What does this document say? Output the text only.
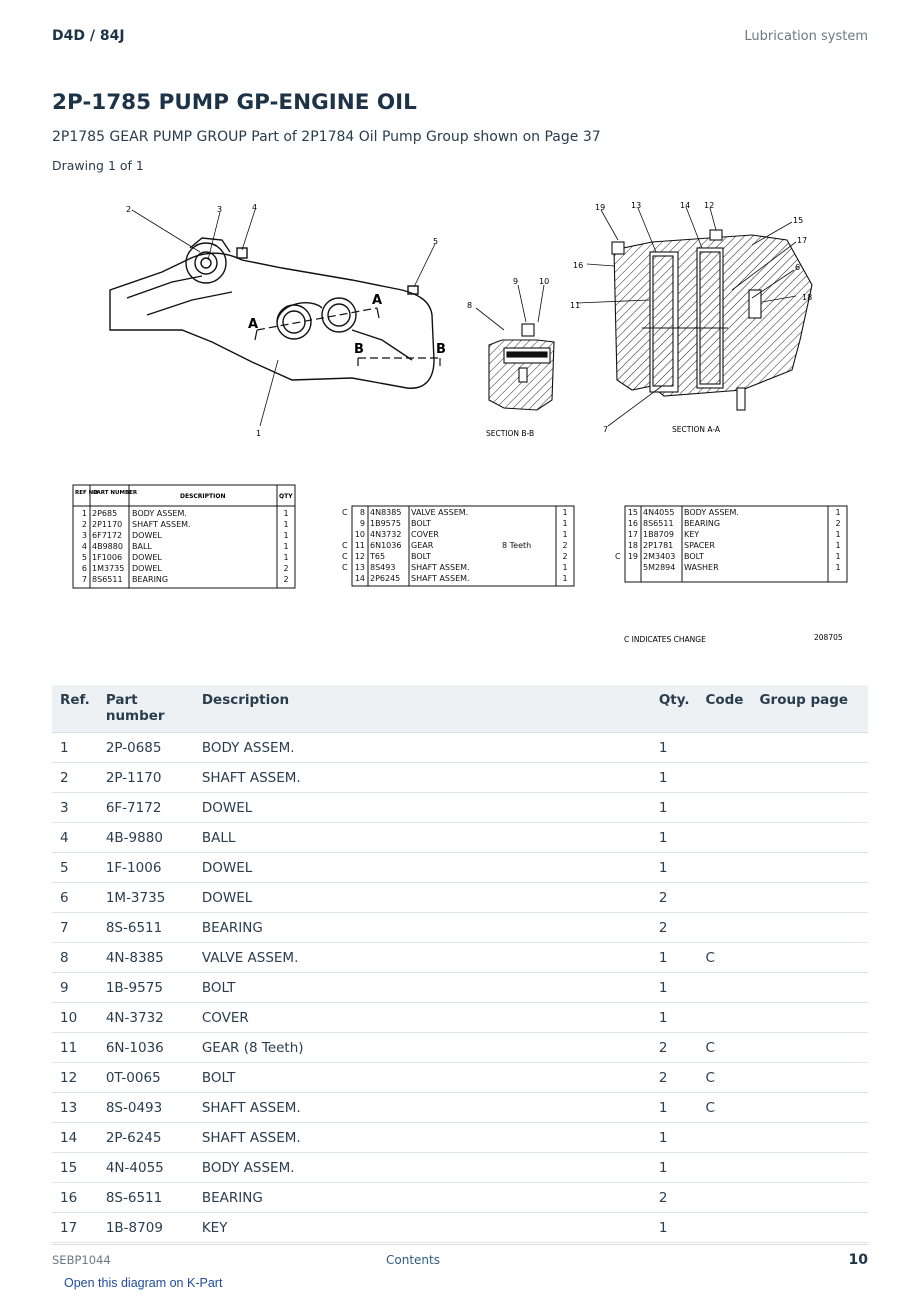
D4D / 84J	Lubrication system
2P-1785 PUMP GP-ENGINE OIL
2P1785 GEAR PUMP GROUP Part of 2P1784 Oil Pump Group shown on Page 37
Drawing 1 of 1
A
A
B	B
2	3	4
5
1
9	10
8
SECTION B-B
19	13	14 12
15
17
6
18
16
11
7	SECTION A-A
REF NO
PART NUMBER	DESCRIPTION	QTY
1 2P685 BODY ASSEM.	1
2 2P1170 SHAFT ASSEM.	1
3 6F7172 DOWEL	1
4 4B9880 BALL	1
5 1F1006 DOWEL	1
6 1M3735 DOWEL	2
7 8S6511 BEARING	2
C 8 4N8385 VALVE ASSEM.	1
9 1B9575 BOLT	1
10 4N3732 COVER	1
C 11 6N1036 GEAR	8 Teeth	2
C 12 T65	BOLT	2
C 13 8S493 SHAFT ASSEM.	1
14 2P6245 SHAFT ASSEM.	1
15 4N4055 BODY ASSEM.	1
16 8S6511 BEARING	2
17 1B8709 KEY	1
18 2P1781 SPACER	1
C 19 2M3403 BOLT	1
5M2894 WASHER	1
C INDICATES CHANGE	208705
Ref.	Part number	Description	Qty.	Code	Group page
1	2P-0685	BODY ASSEM.	1		
2	2P-1170	SHAFT ASSEM.	1		
3	6F-7172	DOWEL	1		
4	4B-9880	BALL	1		
5	1F-1006	DOWEL	1		
6	1M-3735	DOWEL	2		
7	8S-6511	BEARING	2		
8	4N-8385	VALVE ASSEM.	1	C	
9	1B-9575	BOLT	1		
10	4N-3732	COVER	1		
11	6N-1036	GEAR (8 Teeth)	2	C	
12	0T-0065	BOLT	2	C	
13	8S-0493	SHAFT ASSEM.	1	C	
14	2P-6245	SHAFT ASSEM.	1		
15	4N-4055	BODY ASSEM.	1		
16	8S-6511	BEARING	2		
17	1B-8709	KEY	1		
SEBP1044	Contents	10
Open this diagram on K-Part
